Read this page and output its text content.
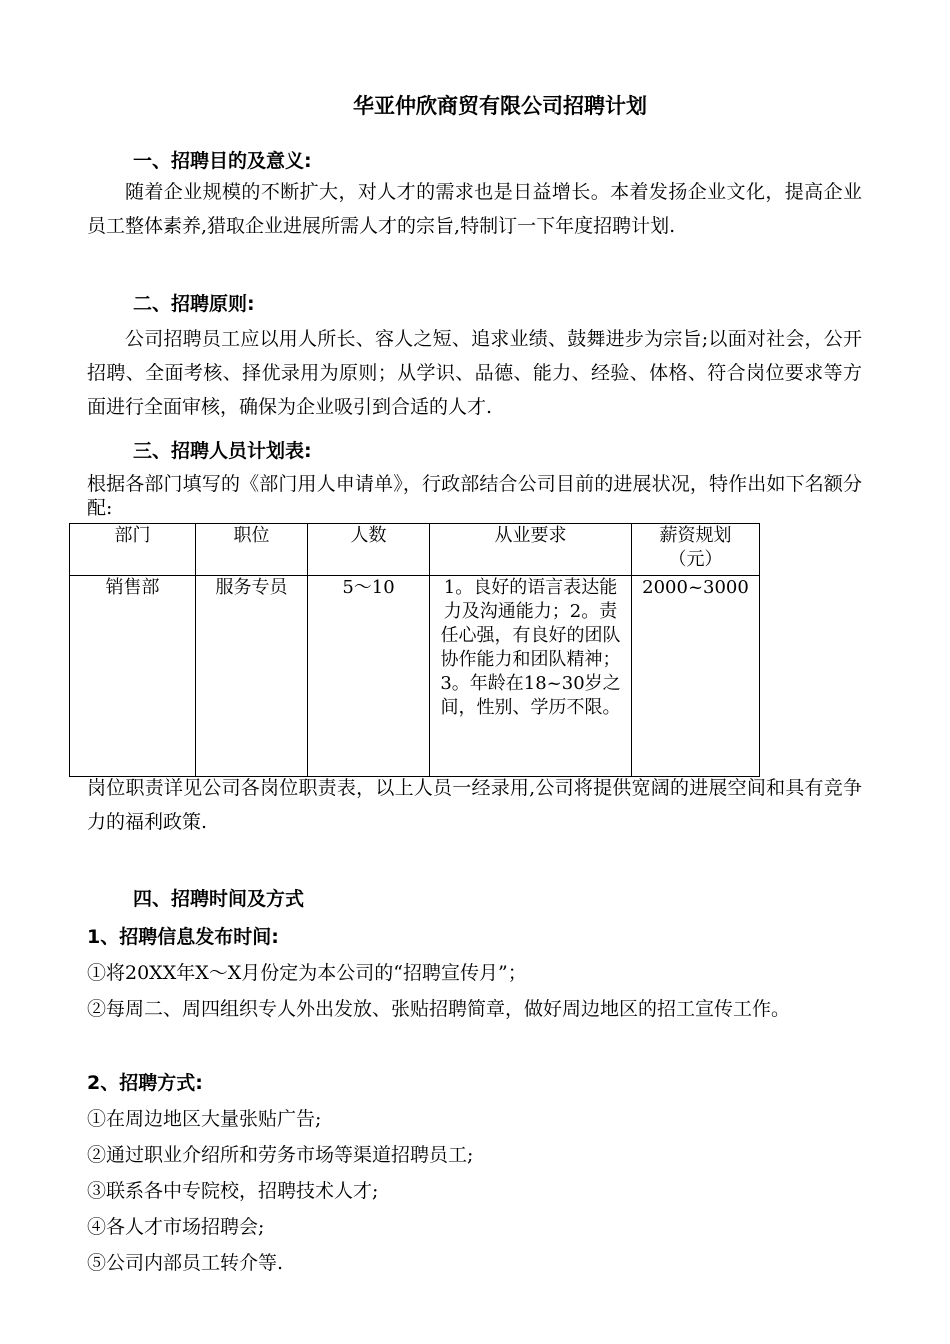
华亚仲欣商贸有限公司招聘计划
一、招聘目的及意义:

随着企业规模的不断扩大，对人才的需求也是日益增长。本着发扬企业文化，提高企业员工整体素养,猎取企业进展所需人才的宗旨,特制订一下年度招聘计划.

二、招聘原则:

公司招聘员工应以用人所长、容人之短、追求业绩、鼓舞进步为宗旨;以面对社会，公开招聘、全面考核、择优录用为原则；从学识、品德、能力、经验、体格、符合岗位要求等方面进行全面审核，确保为企业吸引到合适的人才.

三、招聘人员计划表:

根据各部门填写的《部门用人申请单》，行政部结合公司目前的进展状况，特作出如下名额分配:

部门	职位	人数	从业要求	薪资规划（元）
销售部	服务专员	5～10	1。良好的语言表达能力及沟通能力；2。责任心强，有良好的团队协作能力和团队精神；3。年龄在18~30岁之间，性别、学历不限。	2000~3000

岗位职责详见公司各岗位职责表，以上人员一经录用,公司将提供宽阔的进展空间和具有竞争力的福利政策.

四、招聘时间及方式
1、招聘信息发布时间:
①将20XX年X～X月份定为本公司的“招聘宣传月”；

②每周二、周四组织专人外出发放、张贴招聘简章，做好周边地区的招工宣传工作。

2、招聘方式:
①在周边地区大量张贴广告;
②通过职业介绍所和劳务市场等渠道招聘员工;
③联系各中专院校，招聘技术人才;
④各人才市场招聘会;
⑤公司内部员工转介等.
